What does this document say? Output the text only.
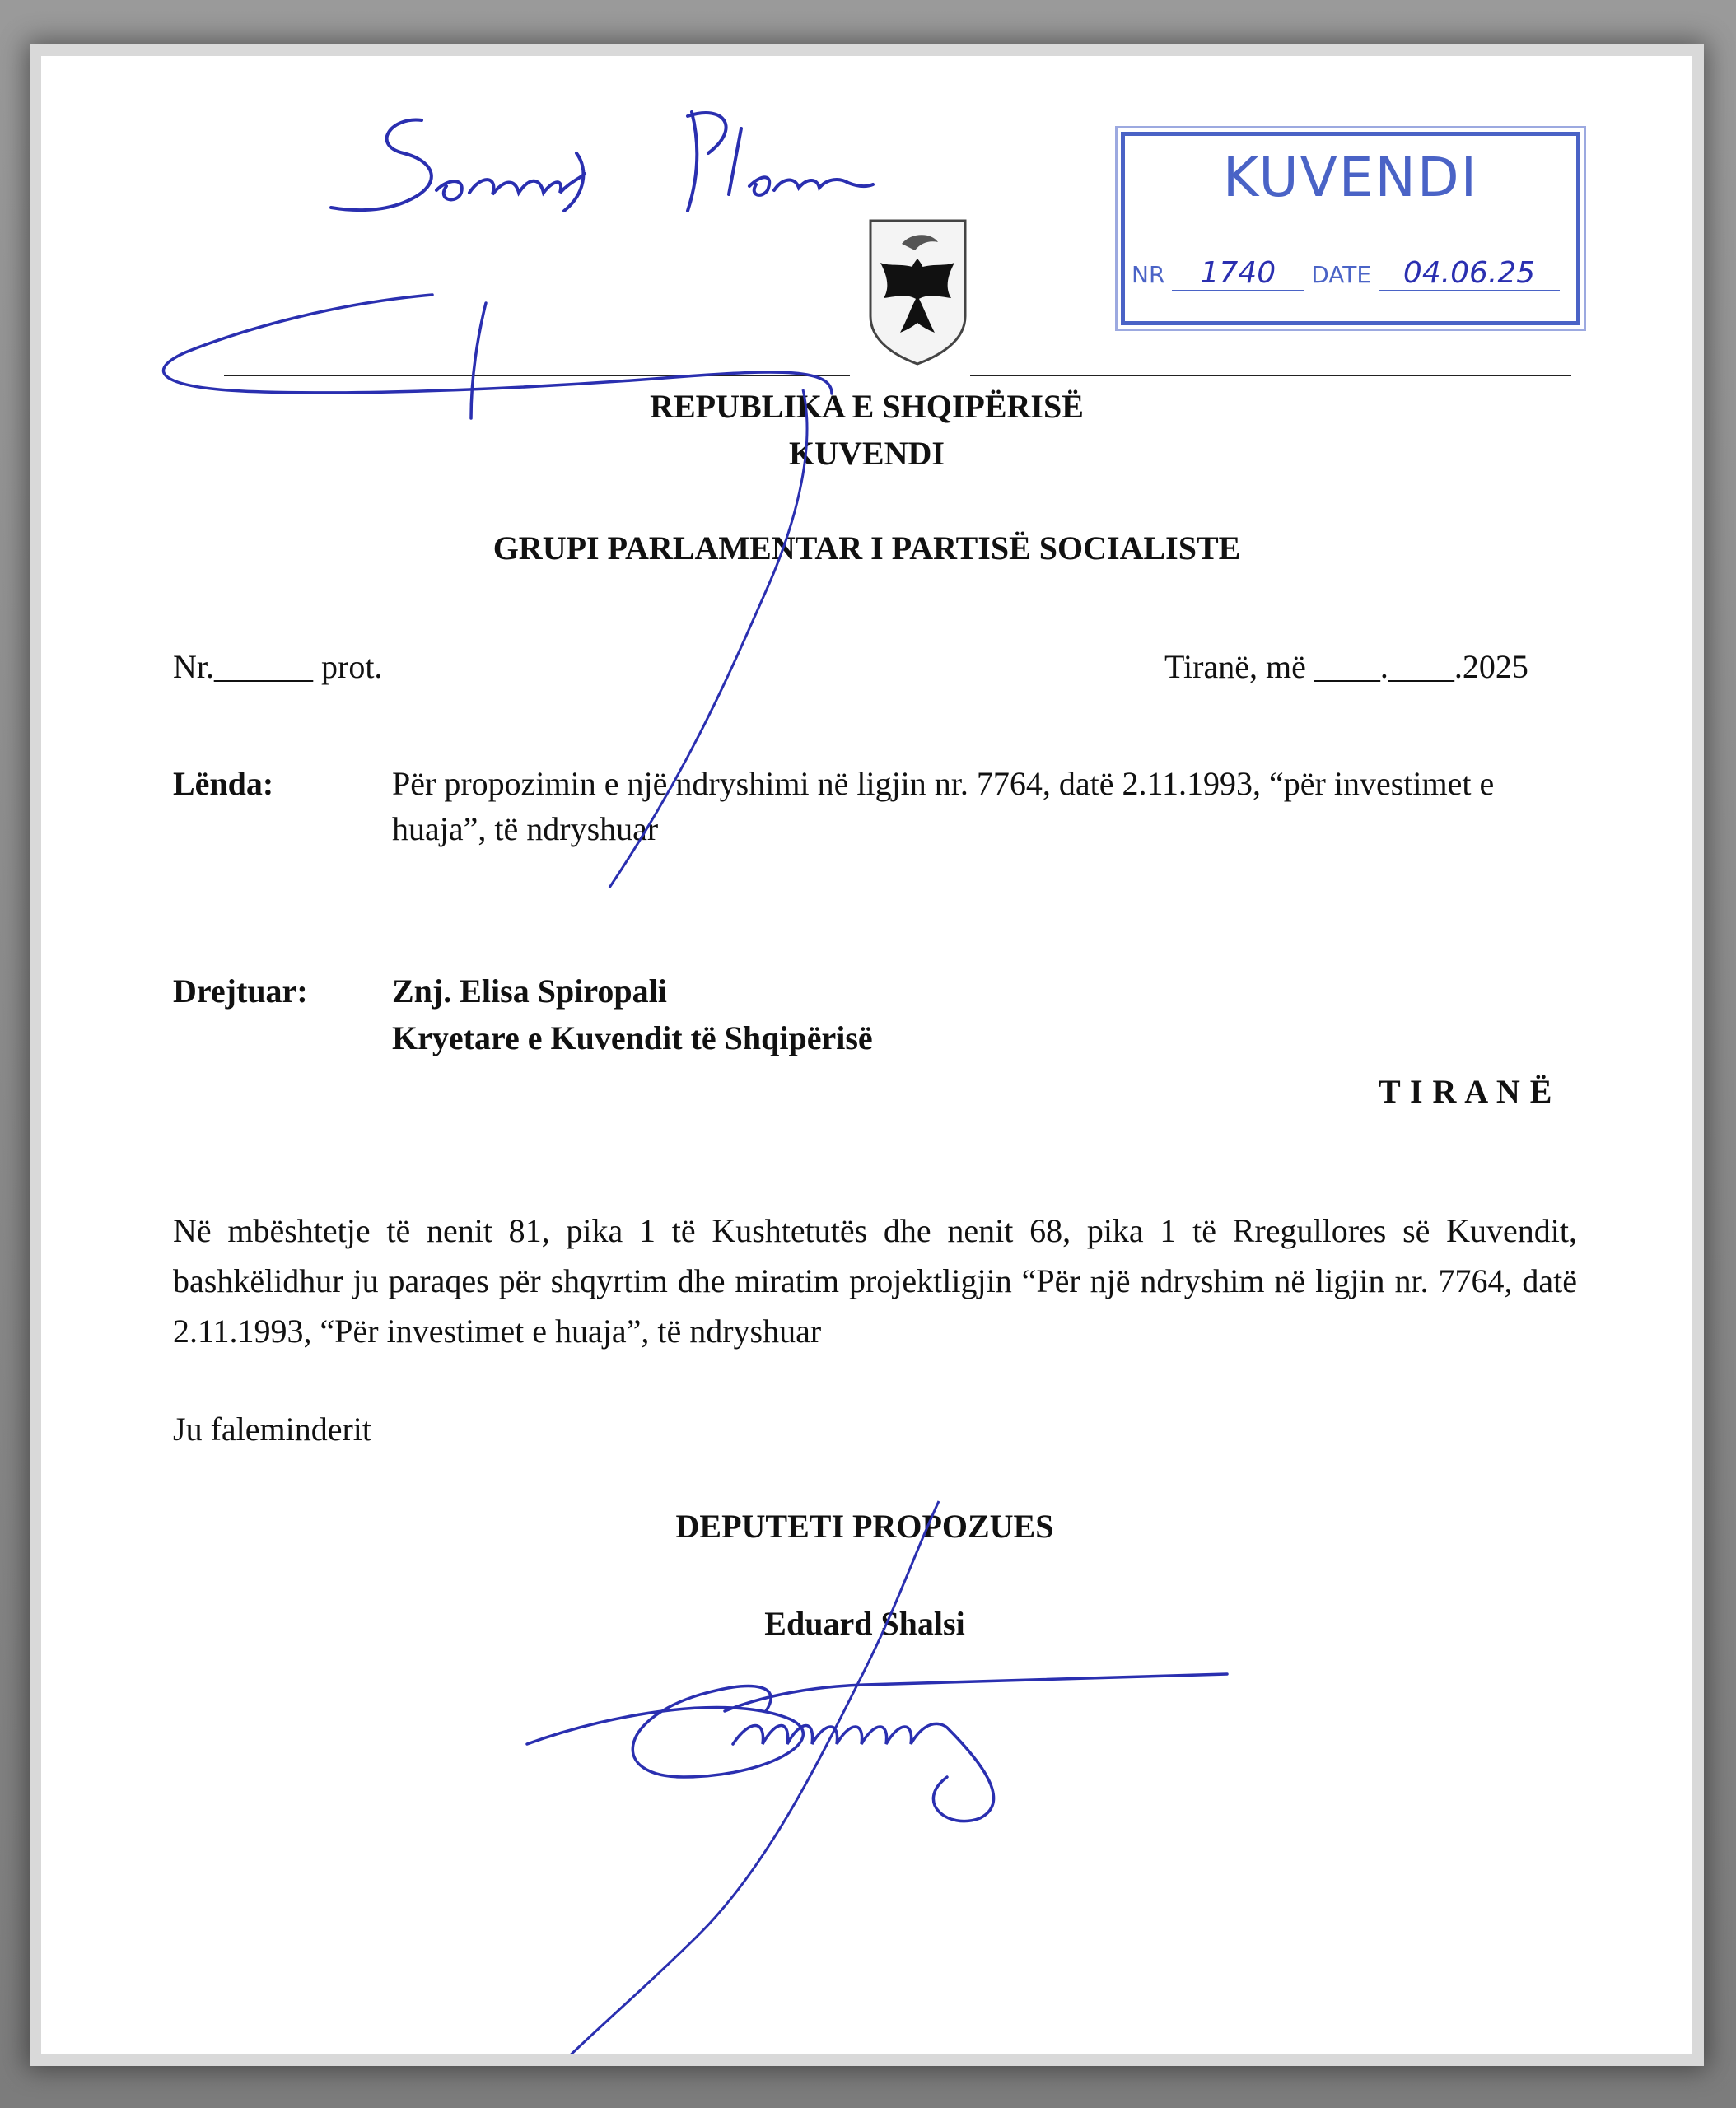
KUVENDI
NR 1740 DATE 04.06.25
REPUBLIKA E SHQIPËRISË
KUVENDI
GRUPI PARLAMENTAR I PARTISË SOCIALISTE
Nr.______ prot.	Tiranë, më ____.____.2025
Lënda:	Për propozimin e një ndryshimi në ligjin nr. 7764, datë 2.11.1993, “për investimet e
huaja”, të ndryshuar
Drejtuar:	Znj. Elisa Spiropali
Kryetare e Kuvendit të Shqipërisë
T I R A N Ë
Në mbështetje të nenit 81, pika 1 të Kushtetutës dhe nenit 68, pika 1 të Rregullores së Kuvendit, bashkëlidhur ju paraqes për shqyrtim dhe miratim projektligjin “Për një ndryshim në ligjin nr. 7764, datë 2.11.1993, “Për investimet e huaja”, të ndryshuar
Ju faleminderit
DEPUTETI PROPOZUES
Eduard Shalsi
